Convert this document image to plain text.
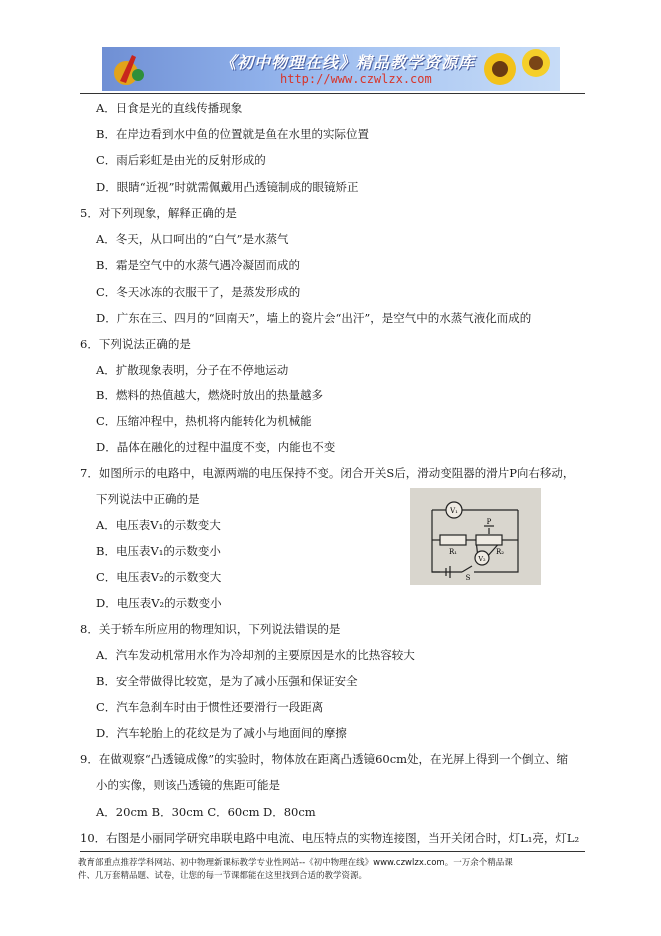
《初中物理在线》精品教学资源库
http://www.czwlzx.com
A．日食是光的直线传播现象
B．在岸边看到水中鱼的位置就是鱼在水里的实际位置
C．雨后彩虹是由光的反射形成的
D．眼睛“近视”时就需佩戴用凸透镜制成的眼镜矫正
5．对下列现象，解释正确的是
A．冬天，从口呵出的“白气”是水蒸气
B．霜是空气中的水蒸气遇冷凝固而成的
C．冬天冰冻的衣服干了，是蒸发形成的
D．广东在三、四月的“回南天”，墙上的瓷片会“出汗”，是空气中的水蒸气液化而成的
6．下列说法正确的是
A．扩散现象表明，分子在不停地运动
B．燃料的热值越大，燃烧时放出的热量越多
C．压缩冲程中，热机将内能转化为机械能
D．晶体在融化的过程中温度不变，内能也不变
7．如图所示的电路中，电源两端的电压保持不变。闭合开关S后，滑动变阻器的滑片P向右移动，
下列说法中正确的是
A．电压表V₁的示数变大
B．电压表V₁的示数变小
C．电压表V₂的示数变大
D．电压表V₂的示数变小
V₁
R₁	R₂
P
V₂
S
8．关于轿车所应用的物理知识，下列说法错误的是
A．汽车发动机常用水作为冷却剂的主要原因是水的比热容较大
B．安全带做得比较宽，是为了减小压强和保证安全
C．汽车急刹车时由于惯性还要滑行一段距离
D．汽车轮胎上的花纹是为了减小与地面间的摩擦
9．在做观察“凸透镜成像”的实验时，物体放在距离凸透镜60cm处，在光屏上得到一个倒立、缩
小的实像，则该凸透镜的焦距可能是
A．20cm B．30cm C．60cm D．80cm
10．右图是小丽同学研究串联电路中电流、电压特点的实物连接图，当开关闭合时，灯L₁亮，灯L₂
教育部重点推荐学科网站、初中物理新课标教学专业性网站--《初中物理在线》www.czwlzx.com。一万余个精品课
件、几万套精品题、试卷，让您的每一节课都能在这里找到合适的教学资源。
